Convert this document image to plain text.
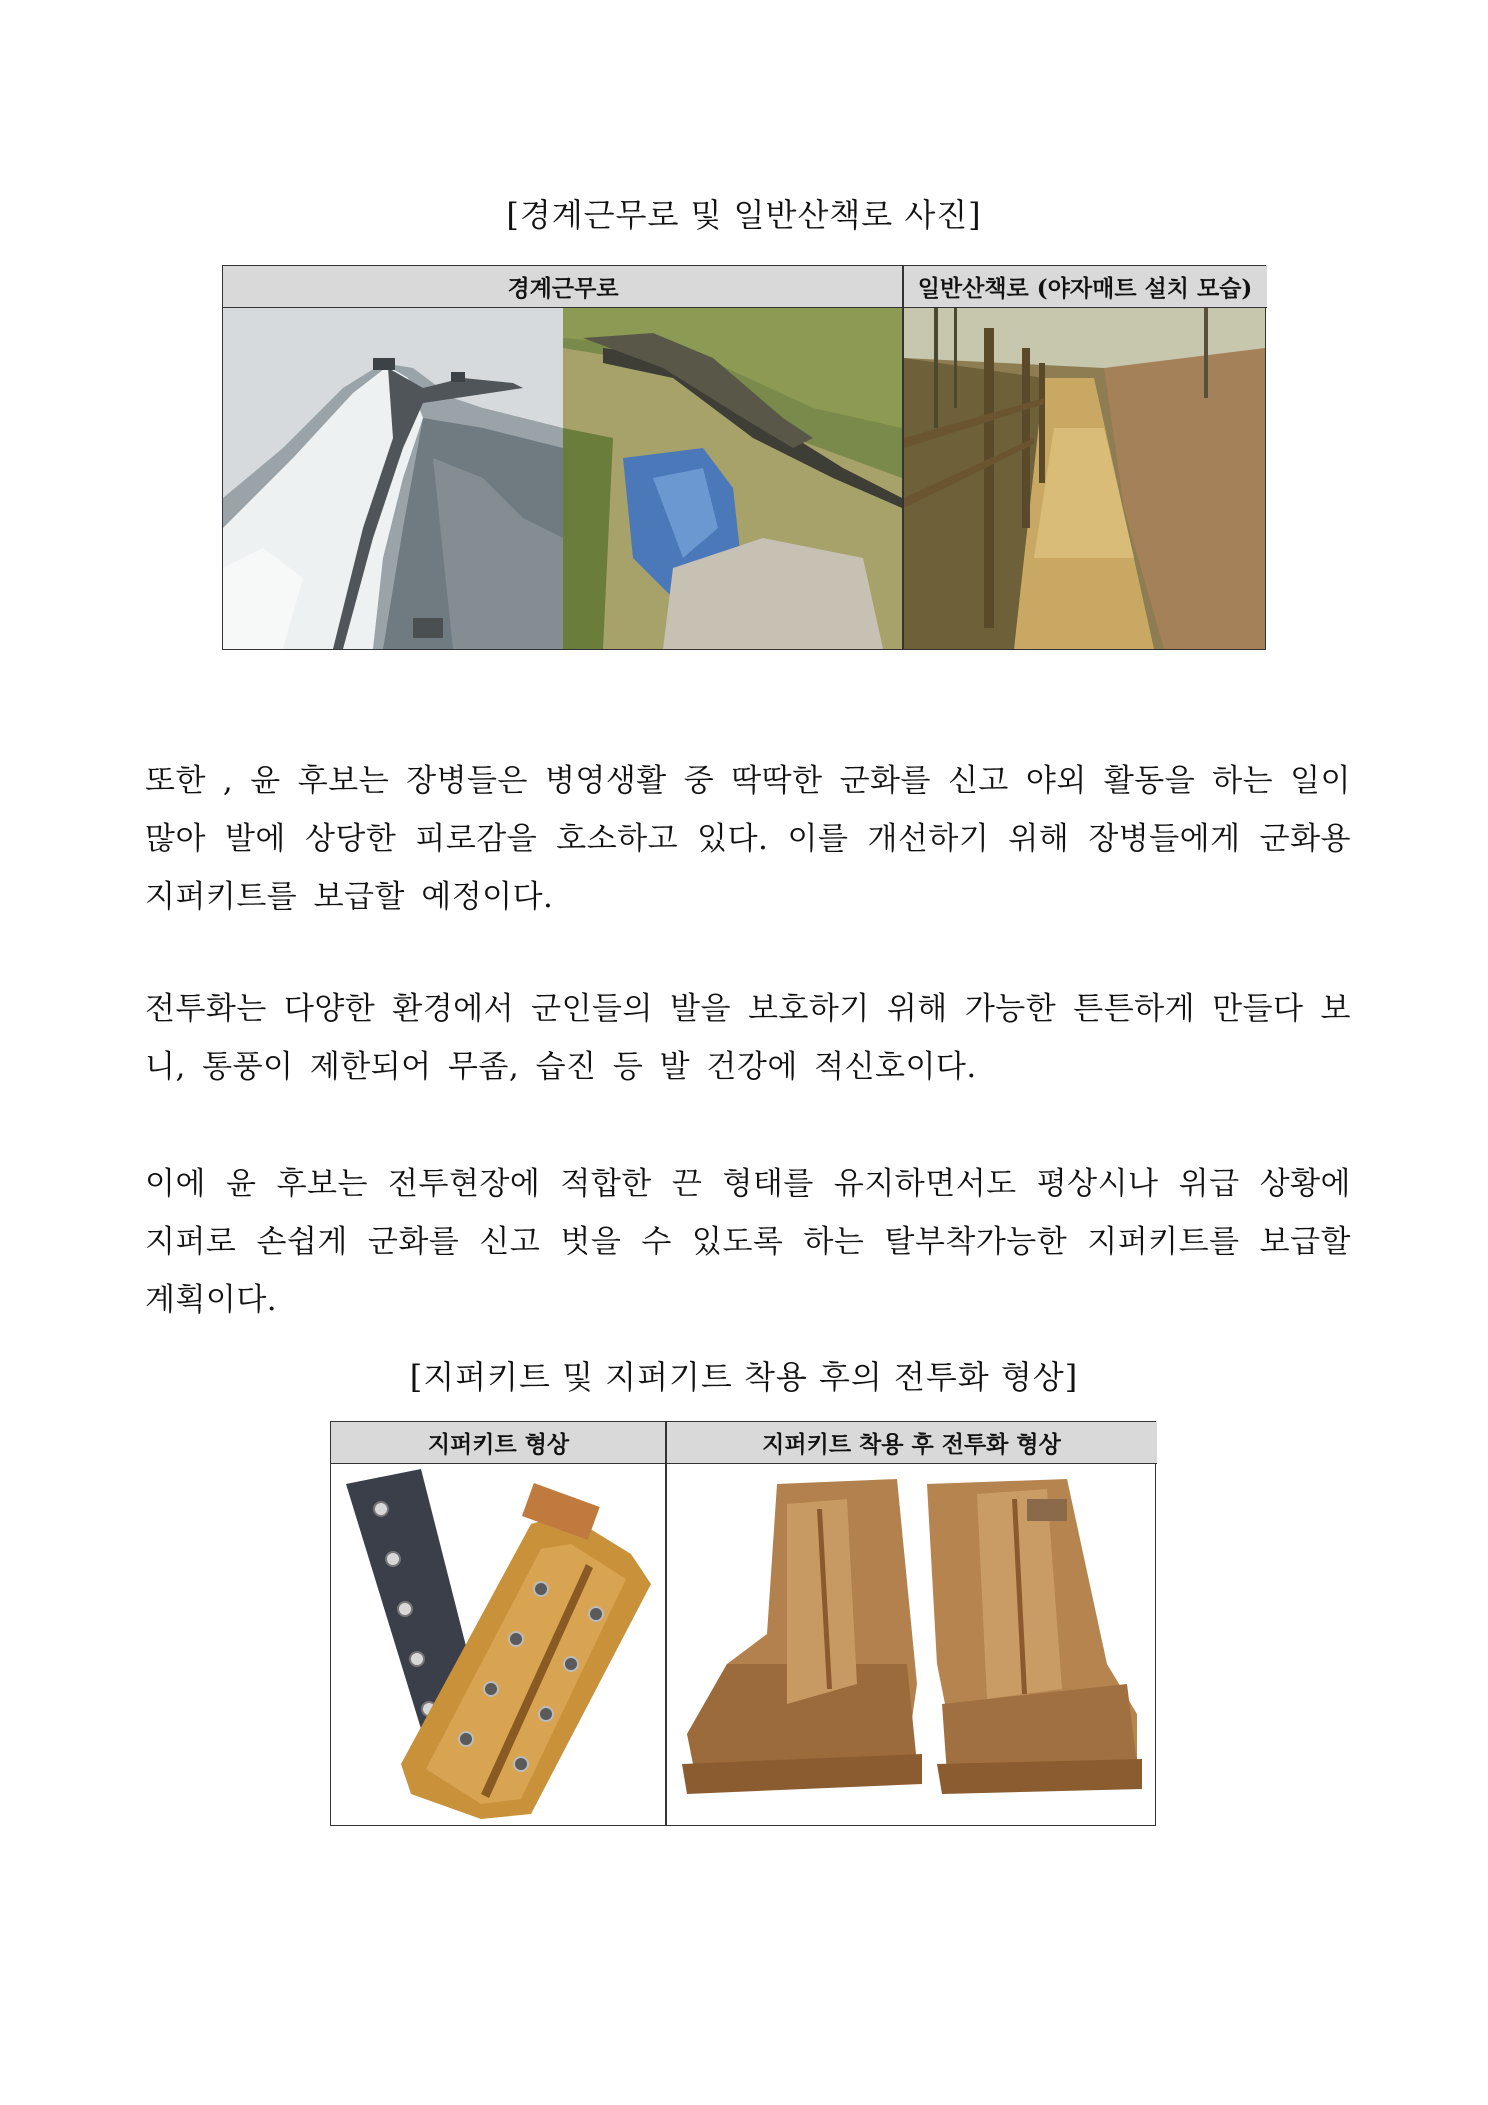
[경계근무로 및 일반산책로 사진]
경계근무로	일반산책로 (야자매트 설치 모습)

또한 , 윤 후보는 장병들은 병영생활 중 딱딱한 군화를 신고 야외 활동을 하는 일이 많아 발에 상당한 피로감을 호소하고 있다. 이를 개선하기 위해 장병들에게 군화용 지퍼키트를 보급할 예정이다.

전투화는 다양한 환경에서 군인들의 발을 보호하기 위해 가능한 튼튼하게 만들다 보니, 통풍이 제한되어 무좀, 습진 등 발 건강에 적신호이다.

이에 윤 후보는 전투현장에 적합한 끈 형태를 유지하면서도 평상시나 위급 상황에 지퍼로 손쉽게 군화를 신고 벗을 수 있도록 하는 탈부착가능한 지퍼키트를 보급할 계획이다.

[지퍼키트 및 지퍼기트 착용 후의 전투화 형상]
지퍼키트 형상	지퍼키트 착용 후 전투화 형상
